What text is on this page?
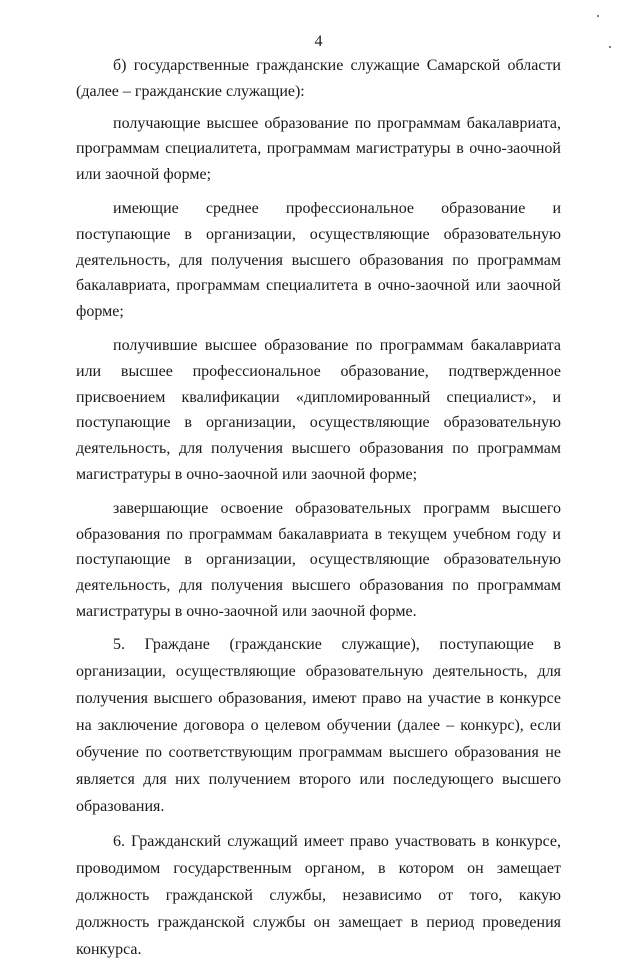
4

б) государственные гражданские служащие Самарской области (далее – гражданские служащие):

получающие высшее образование по программам бакалавриата, программам специалитета, программам магистратуры в очно-заочной или заочной форме;

имеющие среднее профессиональное образование и поступающие в организации, осуществляющие образовательную деятельность, для получения высшего образования по программам бакалавриата, программам специалитета в очно-заочной или заочной форме;

получившие высшее образование по программам бакалавриата или высшее профессиональное образование, подтвержденное присвоением квалификации «дипломированный специалист», и поступающие в организации, осуществляющие образовательную деятельность, для получения высшего образования по программам магистратуры в очно-заочной или заочной форме;

завершающие освоение образовательных программ высшего образования по программам бакалавриата в текущем учебном году и поступающие в организации, осуществляющие образовательную деятельность, для получения высшего образования по программам магистратуры в очно-заочной или заочной форме.

5. Граждане (гражданские служащие), поступающие в организации, осуществляющие образовательную деятельность, для получения высшего образования, имеют право на участие в конкурсе на заключение договора о целевом обучении (далее – конкурс), если обучение по соответствующим программам высшего образования не является для них получением второго или последующего высшего образования.

6. Гражданский служащий имеет право участвовать в конкурсе, проводимом государственным органом, в котором он замещает должность гражданской службы, независимо от того, какую должность гражданской службы он замещает в период проведения конкурса.
